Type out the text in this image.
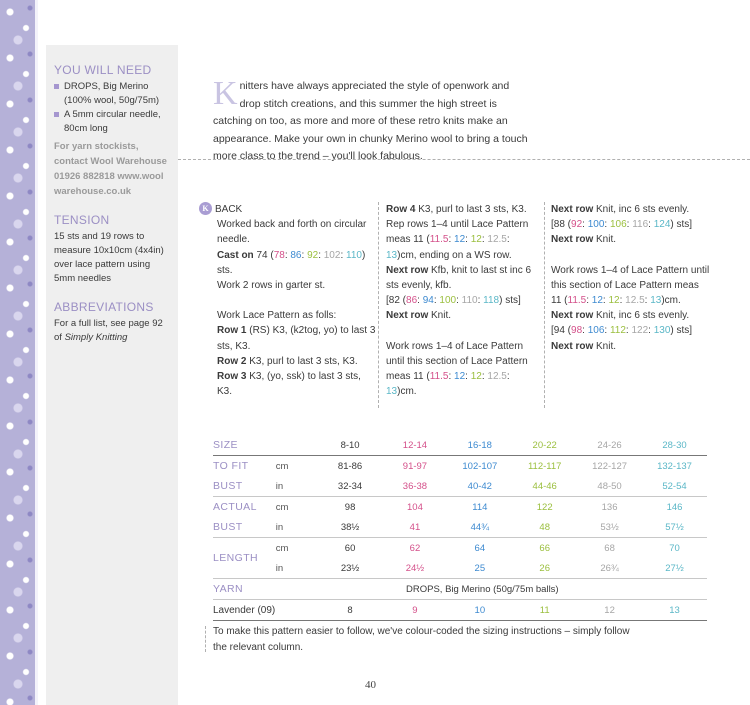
YOU WILL NEED
DROPS, Big Merino (100% wool, 50g/75m)
A 5mm circular needle, 80cm long
For yarn stockists, contact Wool Warehouse 01926 882818 www.wool warehouse.co.uk
TENSION
15 sts and 19 rows to measure 10x10cm (4x4in) over lace pattern using 5mm needles
ABBREVIATIONS
For a full list, see page 92 of Simply Knitting
Knitters have always appreciated the style of openwork and drop stitch creations, and this summer the high street is catching on too, as more and more of these retro knits make an appearance. Make your own in chunky Merino wool to bring a touch more class to the trend – you'll look fabulous.
K BACK

Worked back and forth on circular needle.

Cast on 74 (78: 86: 92: 102: 110) sts.

Work 2 rows in garter st.

Work Lace Pattern as folls:

Row 1 (RS) K3, (k2tog, yo) to last 3 sts, K3.

Row 2 K3, purl to last 3 sts, K3.

Row 3 K3, (yo, ssk) to last 3 sts, K3.

Row 4 K3, purl to last 3 sts, K3.

Rep rows 1–4 until Lace Pattern meas 11 (11.5: 12: 12: 12.5: 13)cm, ending on a WS row.

Next row Kfb, knit to last st inc 6 sts evenly, kfb.

[82 (86: 94: 100: 110: 118) sts]

Next row Knit.

Work rows 1–4 of Lace Pattern until this section of Lace Pattern meas 11 (11.5: 12: 12: 12.5: 13)cm.

Next row Knit, inc 6 sts evenly.

[88 (92: 100: 106: 116: 124) sts]

Next row Knit.

Work rows 1–4 of Lace Pattern until this section of Lace Pattern meas 11 (11.5: 12: 12: 12.5: 13)cm.

Next row Knit, inc 6 sts evenly.

[94 (98: 106: 112: 122: 130) sts]

Next row Knit.

SIZE		8-10	12-14	16-18	20-22	24-26	28-30
TO FIT	cm	81-86	91-97	102-107	112-117	122-127	132-137
BUST	in	32-34	36-38	40-42	44-46	48-50	52-54
ACTUAL	cm	98	104	114	122	136	146
BUST	in	38½	41	44¾	48	53½	57½
LENGTH	cm	60	62	64	66	68	70
	in	23½	24½	25	26	26¾	27½
YARN		DROPS, Big Merino (50g/75m balls)					
Lavender (09)		8	9	10	11	12	13
To make this pattern easier to follow, we've colour-coded the sizing instructions – simply follow the relevant column.
40
